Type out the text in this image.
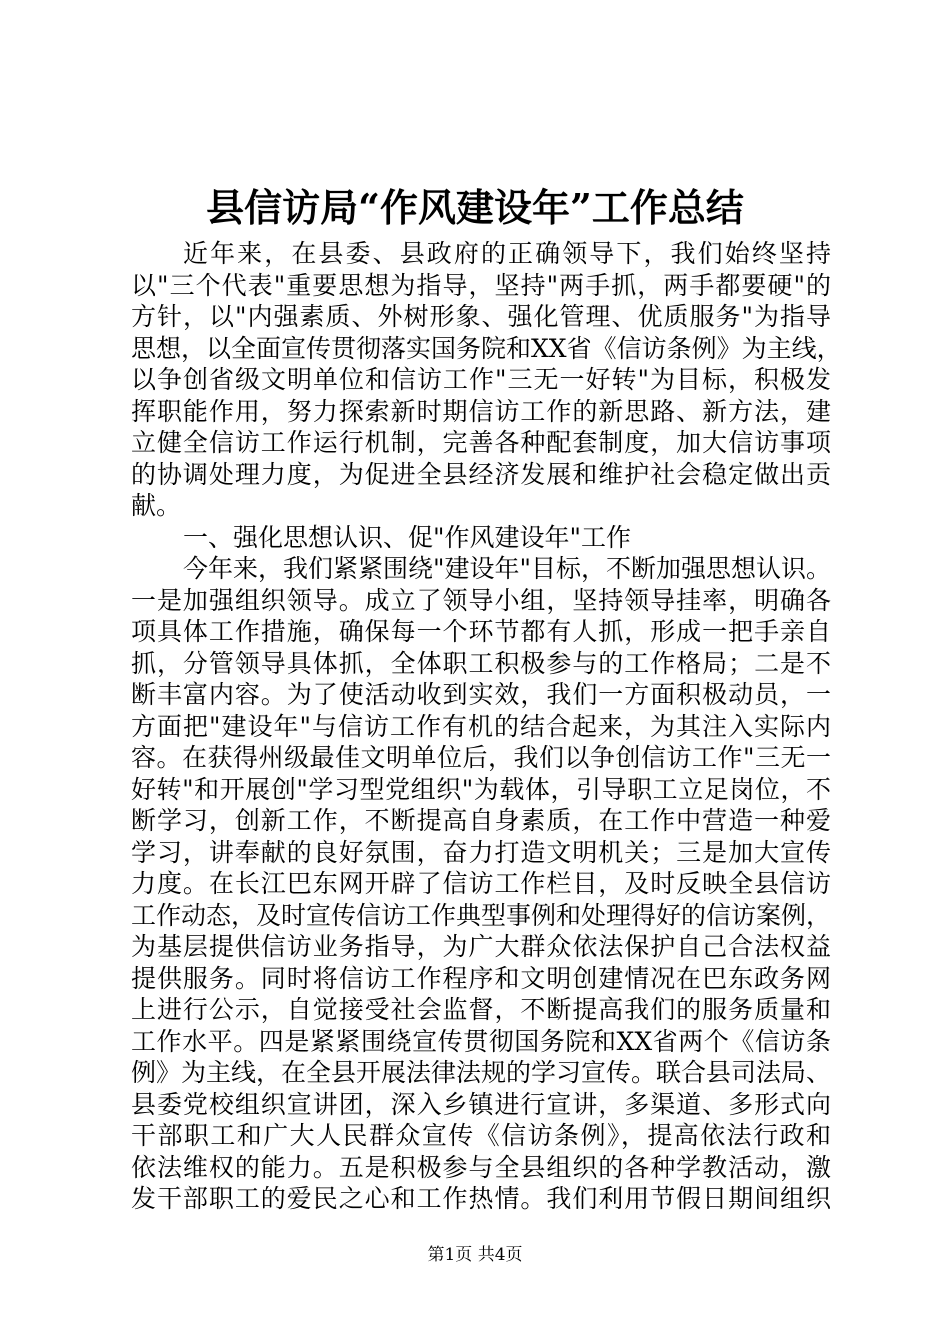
县信访局“作风建设年”工作总结
近年来，在县委、县政府的正确领导下，我们始终坚持
以"三个代表"重要思想为指导，坚持"两手抓，两手都要硬"的
方针，以"内强素质、外树形象、强化管理、优质服务"为指导
思想，以全面宣传贯彻落实国务院和XX省《信访条例》为主线，
以争创省级文明单位和信访工作"三无一好转"为目标，积极发
挥职能作用，努力探索新时期信访工作的新思路、新方法，建
立健全信访工作运行机制，完善各种配套制度，加大信访事项
的协调处理力度，为促进全县经济发展和维护社会稳定做出贡
献。
一、强化思想认识、促"作风建设年"工作
今年来，我们紧紧围绕"建设年"目标，不断加强思想认识。
一是加强组织领导。成立了领导小组，坚持领导挂率，明确各
项具体工作措施，确保每一个环节都有人抓，形成一把手亲自
抓，分管领导具体抓，全体职工积极参与的工作格局；二是不
断丰富内容。为了使活动收到实效，我们一方面积极动员，一
方面把"建设年"与信访工作有机的结合起来，为其注入实际内
容。在获得州级最佳文明单位后，我们以争创信访工作"三无一
好转"和开展创"学习型党组织"为载体，引导职工立足岗位，不
断学习，创新工作，不断提高自身素质，在工作中营造一种爱
学习，讲奉献的良好氛围，奋力打造文明机关；三是加大宣传
力度。在长江巴东网开辟了信访工作栏目，及时反映全县信访
工作动态，及时宣传信访工作典型事例和处理得好的信访案例，
为基层提供信访业务指导，为广大群众依法保护自己合法权益
提供服务。同时将信访工作程序和文明创建情况在巴东政务网
上进行公示，自觉接受社会监督，不断提高我们的服务质量和
工作水平。四是紧紧围绕宣传贯彻国务院和XX省两个《信访条
例》为主线，在全县开展法律法规的学习宣传。联合县司法局、
县委党校组织宣讲团，深入乡镇进行宣讲，多渠道、多形式向
干部职工和广大人民群众宣传《信访条例》，提高依法行政和
依法维权的能力。五是积极参与全县组织的各种学教活动，激
发干部职工的爱民之心和工作热情。我们利用节假日期间组织
第1页 共4页
